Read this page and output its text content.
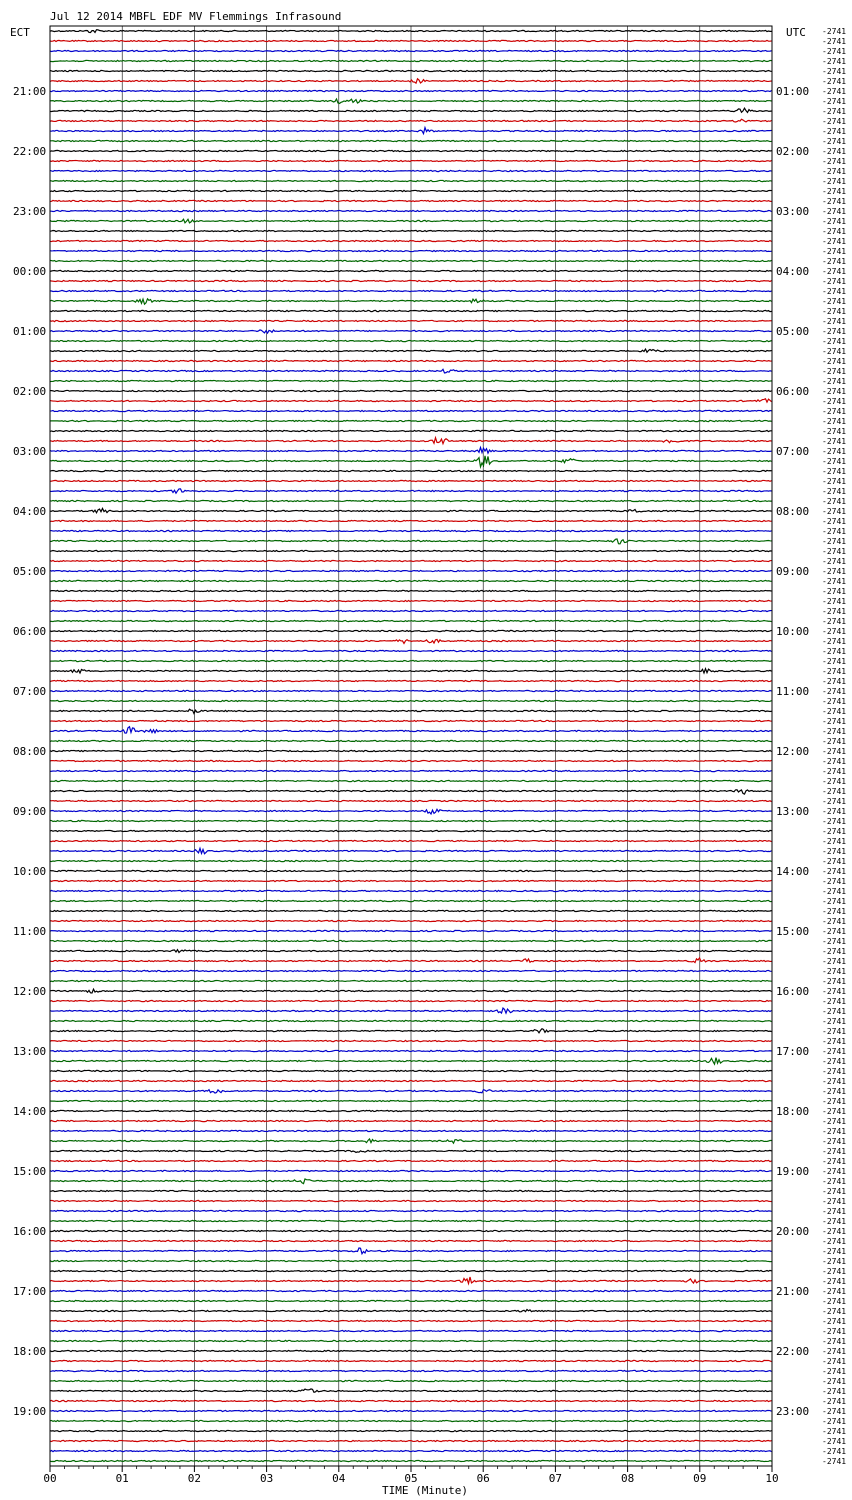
Jul 12 2014 MBFL EDF MV Flemmings Infrasound
ECT	UTC
21:00
22:00
23:00
00:00
01:00
02:00
03:00
04:00
05:00
06:00
07:00
08:00
09:00
10:00
11:00
12:00
13:00
14:00
15:00
16:00
17:00
18:00
19:00
01:00
02:00
03:00
04:00
05:00
06:00
07:00
08:00
09:00
10:00
11:00
12:00
13:00
14:00
15:00
16:00
17:00
18:00
19:00
20:00
21:00
22:00
23:00
-2741
-2741
-2741
-2741
-2741
-2741
-2741
-2741
-2741
-2741
-2741
-2741
-2741
-2741
-2741
-2741
-2741
-2741
-2741
-2741
-2741
-2741
-2741
-2741
-2741
-2741
-2741
-2741
-2741
-2741
-2741
-2741
-2741
-2741
-2741
-2741
-2741
-2741
-2741
-2741
-2741
-2741
-2741
-2741
-2741
-2741
-2741
-2741
-2741
-2741
-2741
-2741
-2741
-2741
-2741
-2741
-2741
-2741
-2741
-2741
-2741
-2741
-2741
-2741
-2741
-2741
-2741
-2741
-2741
-2741
-2741
-2741
-2741
-2741
-2741
-2741
-2741
-2741
-2741
-2741
-2741
-2741
-2741
-2741
-2741
-2741
-2741
-2741
-2741
-2741
-2741
-2741
-2741
-2741
-2741
-2741
-2741
-2741
-2741
-2741
-2741
-2741
-2741
-2741
-2741
-2741
-2741
-2741
-2741
-2741
-2741
-2741
-2741
-2741
-2741
-2741
-2741
-2741
-2741
-2741
-2741
-2741
-2741
-2741
-2741
-2741
-2741
-2741
-2741
-2741
-2741
-2741
-2741
-2741
-2741
-2741
-2741
-2741
-2741
-2741
-2741
-2741
-2741
-2741
00	01	02	03	04	05	06	07	08	09	10
TIME (Minute)
